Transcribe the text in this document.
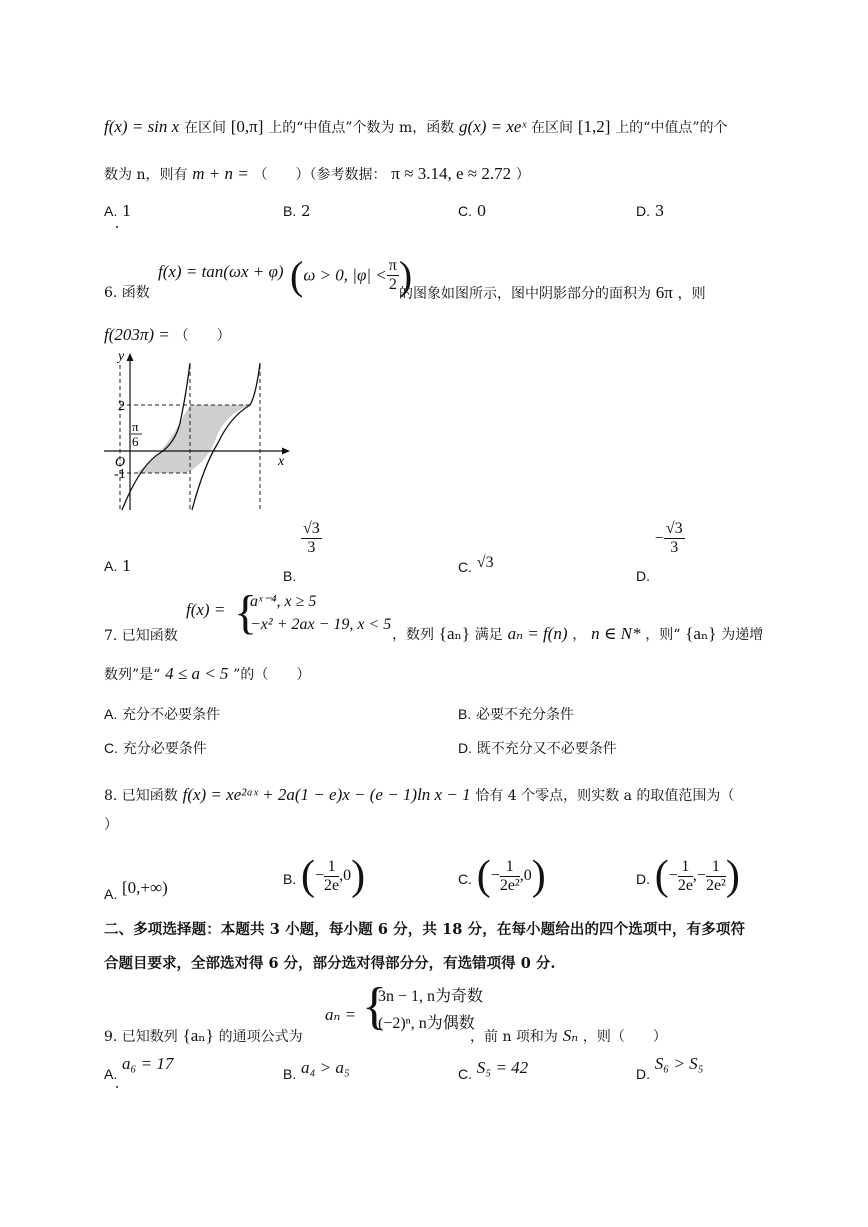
f(x) = sin x 在区间 [0,π] 上的“中值点”个数为 m，函数 g(x) = xeˣ 在区间 [1,2] 上的“中值点”的个
数为 n，则有 m + n = （　　）（参考数据： π ≈ 3.14, e ≈ 2.72 ）
A. 1	B. 2	C. 0	D. 3
6. 函数
f(x) = tan(ωx + φ) (ω > 0, $|\varphi| < \frac{\pi}{2}$ )
的图象如图所示，图中阴影部分的面积为 6π ，则
f(203π) = （　　）
y
x
O
2
-1
π
6
A. 1
B.
$\frac{√3}{3}$
C. √3
D. − $\frac{√3}{3}$
7. 已知函数
f(x) = {
aˣ⁻⁴, x ≥ 5
−x² + 2ax − 19, x < 5
，数列 {aₙ} 满足 aₙ = f(n) ， n ∈ N* ，则“ {aₙ} 为递增
数列”是“ 4 ≤ a < 5 ”的（　　）
A. 充分不必要条件	B. 必要不充分条件
C. 充分必要条件	D. 既不充分又不必要条件
8. 已知函数 f(x) = xe²ᵃˣ + 2a(1 − e)x − (e − 1)ln x − 1 恰有 4 个零点，则实数 a 的取值范围为（
）
A. [0,+∞)	B. (− $\frac{1}{2e} ,0$)	C. (− $\frac{1}{\text{2e²}} ,0$)	D. (− $\frac{1}{2e}$ ,− $\frac{1}{\text{2e²}}$ )
二、多项选择题：本题共 3 小题，每小题 6 分，共 18 分，在每小题给出的四个选项中，有多项符
合题目要求，全部选对得 6 分，部分选对得部分分，有选错项得 0 分.
9. 已知数列 {aₙ} 的通项公式为
aₙ = {
3n − 1, n为奇数
(−2)ⁿ, n为偶数
，前 n 项和为 Sₙ ，则（　　）
A. a₆ = 17
B. a₄ > a₅	C. S₅ = 42	D. S₆ > S₅
